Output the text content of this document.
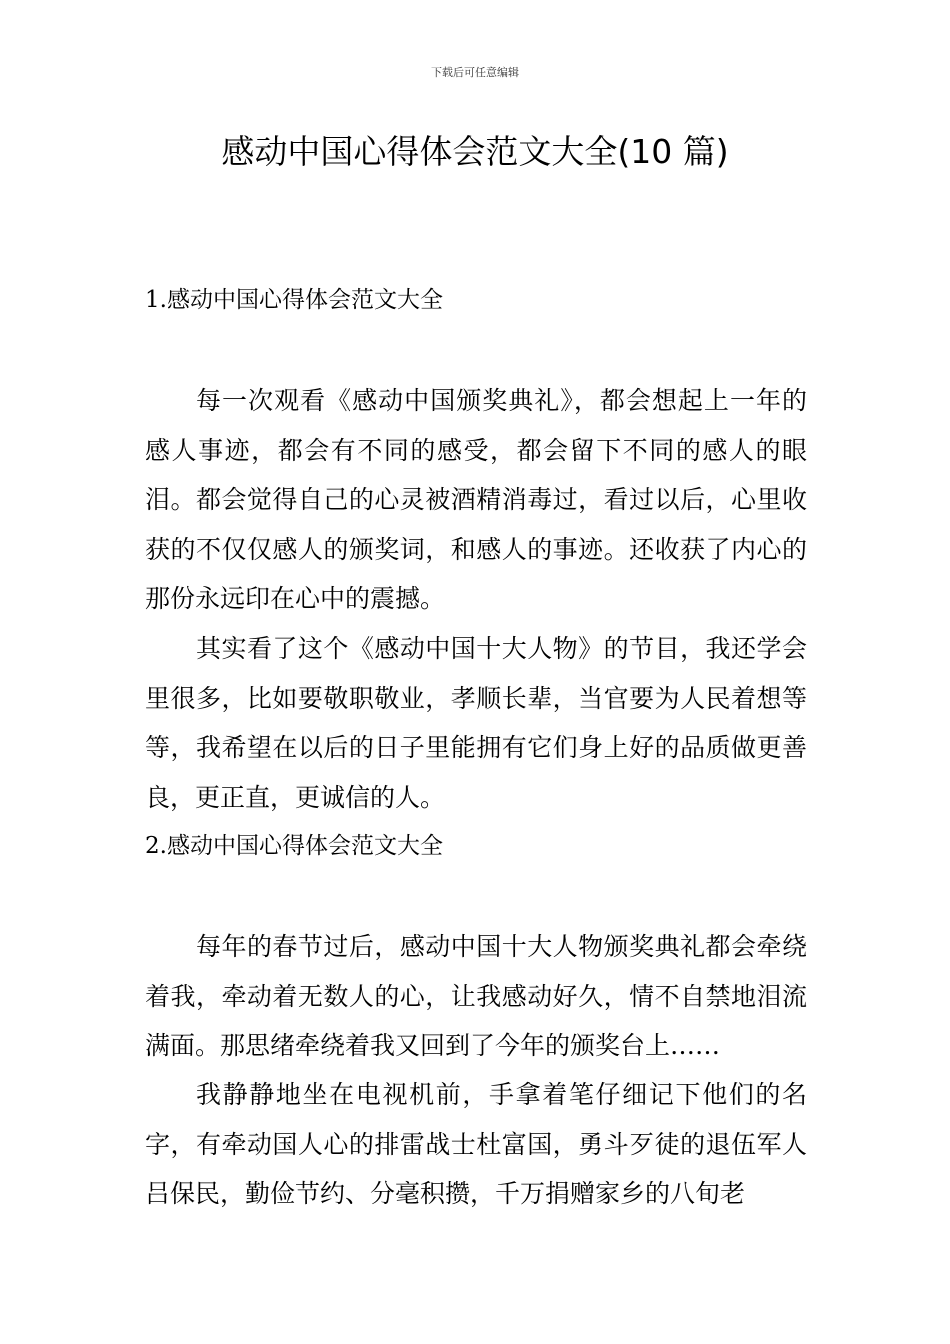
下载后可任意编辑
感动中国心得体会范文大全(10 篇)
1.感动中国心得体会范文大全

每一次观看《感动中国颁奖典礼》，都会想起上一年的感人事迹，都会有不同的感受，都会留下不同的感人的眼泪。都会觉得自己的心灵被酒精消毒过，看过以后，心里收获的不仅仅感人的颁奖词，和感人的事迹。还收获了内心的那份永远印在心中的震撼。

其实看了这个《感动中国十大人物》的节目，我还学会里很多，比如要敬职敬业，孝顺长辈，当官要为人民着想等等，我希望在以后的日子里能拥有它们身上好的品质做更善良，更正直，更诚信的人。

2.感动中国心得体会范文大全

每年的春节过后，感动中国十大人物颁奖典礼都会牵绕着我，牵动着无数人的心，让我感动好久，情不自禁地泪流满面。那思绪牵绕着我又回到了今年的颁奖台上……

我静静地坐在电视机前，手拿着笔仔细记下他们的名字，有牵动国人心的排雷战士杜富国，勇斗歹徒的退伍军人吕保民，勤俭节约、分毫积攒，千万捐赠家乡的八旬老
